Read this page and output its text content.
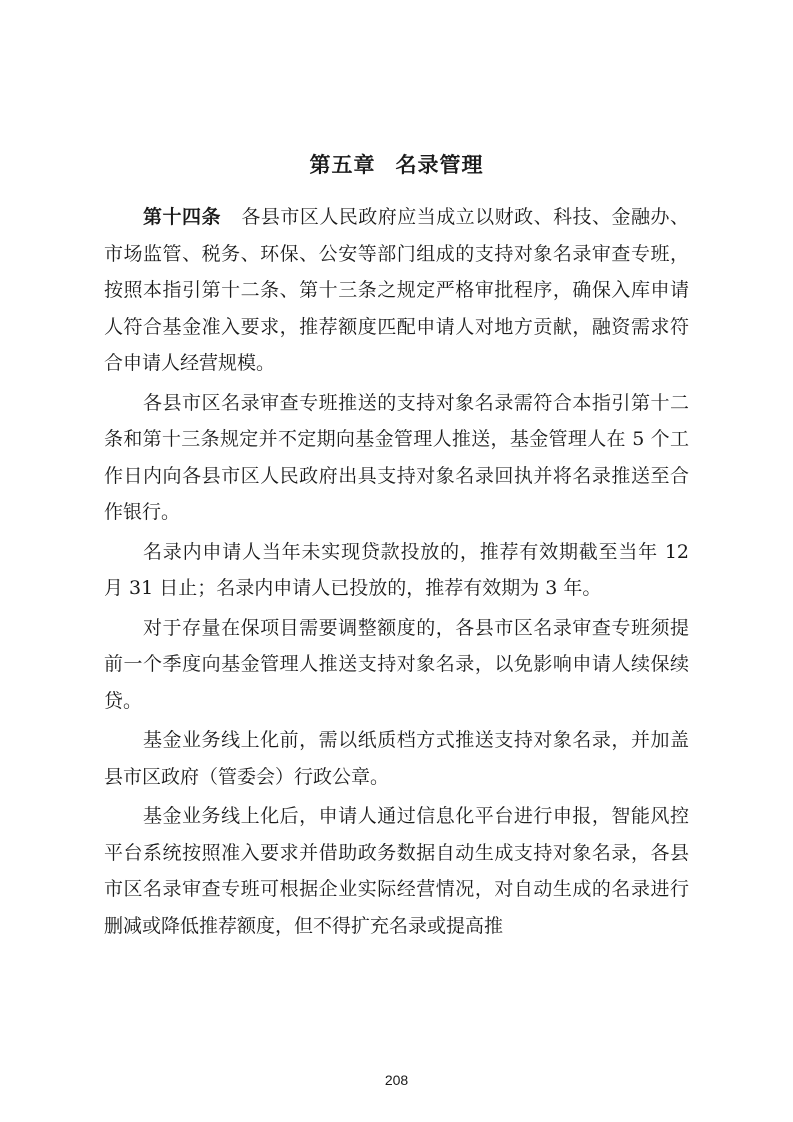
第五章 名录管理

第十四条 各县市区人民政府应当成立以财政、科技、金融办、市场监管、税务、环保、公安等部门组成的支持对象名录审查专班，按照本指引第十二条、第十三条之规定严格审批程序，确保入库申请人符合基金准入要求，推荐额度匹配申请人对地方贡献，融资需求符合申请人经营规模。

各县市区名录审查专班推送的支持对象名录需符合本指引第十二条和第十三条规定并不定期向基金管理人推送，基金管理人在 5 个工作日内向各县市区人民政府出具支持对象名录回执并将名录推送至合作银行。

名录内申请人当年未实现贷款投放的，推荐有效期截至当年 12 月 31 日止；名录内申请人已投放的，推荐有效期为 3 年。

对于存量在保项目需要调整额度的，各县市区名录审查专班须提前一个季度向基金管理人推送支持对象名录，以免影响申请人续保续贷。

基金业务线上化前，需以纸质档方式推送支持对象名录，并加盖县市区政府（管委会）行政公章。

基金业务线上化后，申请人通过信息化平台进行申报，智能风控平台系统按照准入要求并借助政务数据自动生成支持对象名录，各县市区名录审查专班可根据企业实际经营情况，对自动生成的名录进行删减或降低推荐额度，但不得扩充名录或提高推

208
